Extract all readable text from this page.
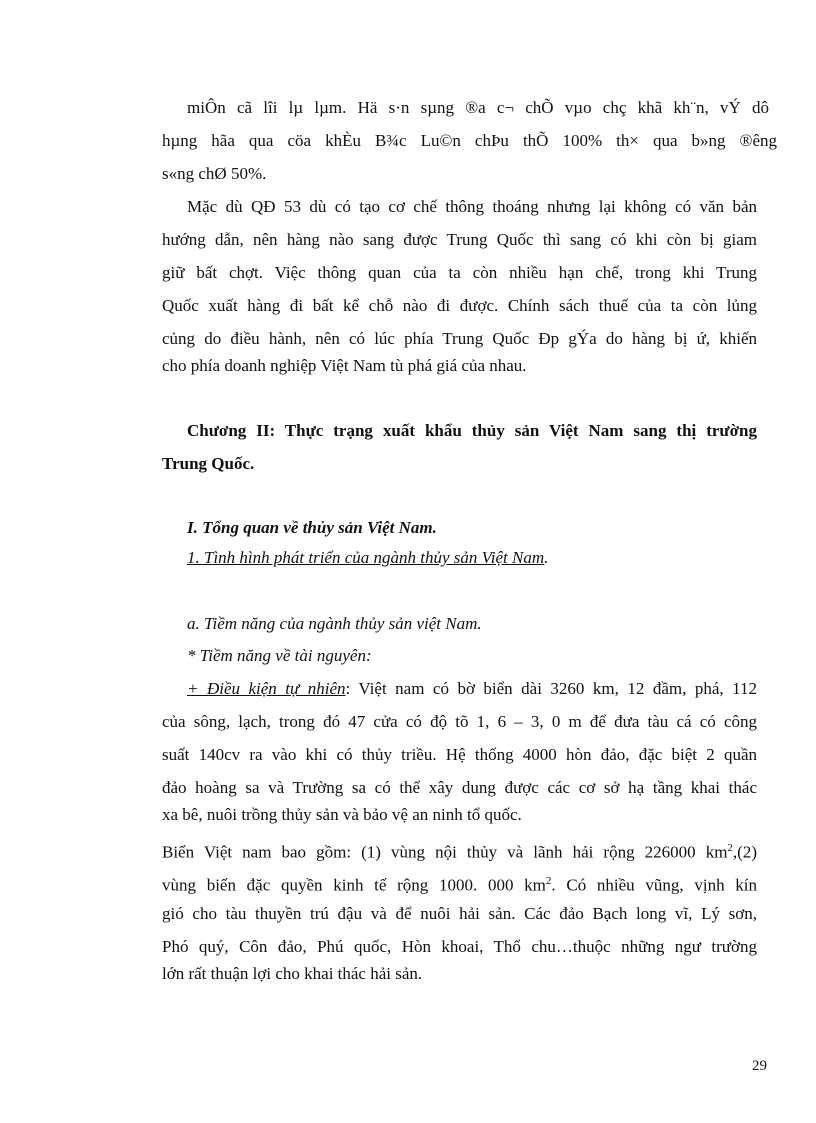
miÔn cã lîi lµ lµm. Hä s·n sµng ®a c¬ chÕ vµo chç khã kh¨n, vÝ dô
hµng hãa qua cöa khÈu B¾c Lu©n chÞu thÕ 100% th× qua b»ng ®êng
s«ng chØ 50%.
Mặc dù QĐ 53 dù có tạo cơ chế thông thoáng nhưng lại không có văn bản
hướng dẫn, nên hàng nào sang được Trung Quốc thì sang có khi còn bị giam
giữ bất chợt. Việc thông quan của ta còn nhiều hạn chế, trong khi Trung
Quốc xuất hàng đi bất kể chỗ nào đi được. Chính sách thuế của ta còn lủng
củng do điều hành, nên có lúc phía Trung Quốc Ðp gÝa do hàng bị ứ, khiến
cho phía doanh nghiệp Việt Nam tù phá giá của nhau.
Chương II: Thực trạng xuất khẩu thủy sản Việt Nam sang thị trường
Trung Quốc.
I. Tổng quan về thủy sản Việt Nam.
1. Tình hình phát triển của ngành thủy sản Việt Nam.
a. Tiềm năng của ngành thủy sản việt Nam.
* Tiềm năng về tài nguyên:
+ Điều kiện tự nhiên: Việt nam có bờ biển dài 3260 km, 12 đầm, phá, 112
của sông, lạch, trong đó 47 cửa có độ tõ 1, 6 – 3, 0 m để đưa tàu cá có công
suất 140cv ra vào khi có thủy triều. Hệ thống 4000 hòn đảo, đặc biệt 2 quần
đảo hoàng sa và Trường sa có thể xây dung được các cơ sở hạ tầng khai thác
xa bê, nuôi trồng thủy sản và bảo vệ an ninh tổ quốc.
Biển Việt nam bao gồm: (1) vùng nội thủy và lãnh hải rộng 226000 $km^2,(2)$
vùng biển đặc quyền kinh tế rộng 1000. 000 $km^2$. Có nhiều vũng, vịnh kín
gió cho tàu thuyền trú đậu và để nuôi hải sản. Các đảo Bạch long vĩ, Lý sơn,
Phó quý, Côn đảo, Phú quốc, Hòn khoai, Thổ chu…thuộc những ngư trường
lớn rất thuận lợi cho khai thác hải sản.
29
